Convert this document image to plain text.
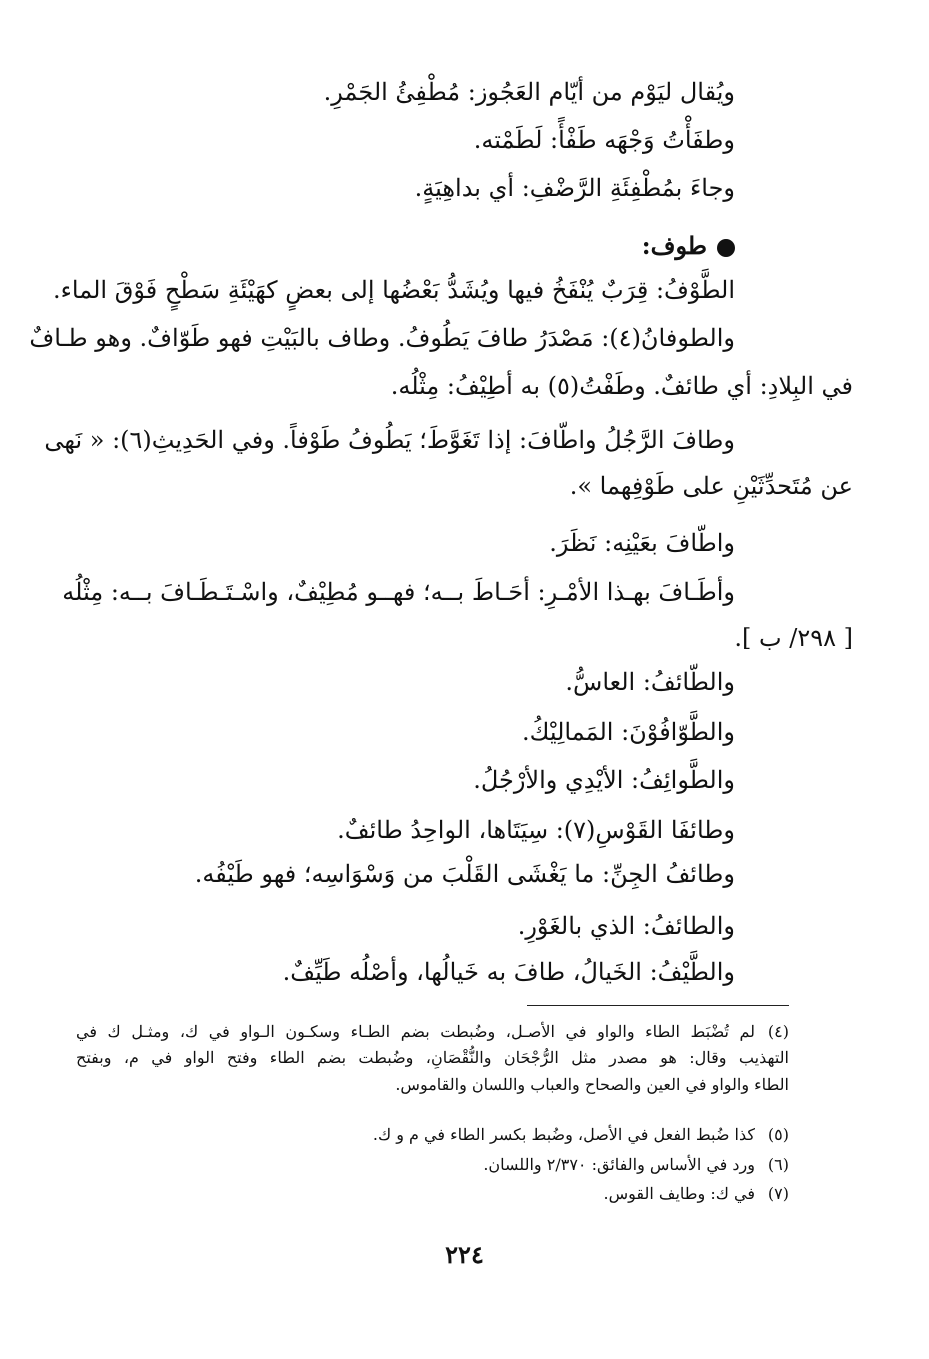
ويُقال ليَوْم من أيّام العَجُوز: مُطْفِئُ الجَمْرِ.
وطفَأْتُ وَجْهَه طَفْأً: لَطَمْته.
وجاءَ بمُطْفِئَةِ الرَّضْفِ: أي بداهِيَةٍ.
طوف:
الطَّوْفُ: قِرَبٌ يُنْفَخُ فيها ويُشَدُّ بَعْضُها إلى بعضٍ كهَيْئَةِ سَطْحٍ فَوْقَ الماء.
والطوفانُ(٤): مَصْدَرُ طافَ يَطُوفُ. وطاف بالبَيْتِ فهو طَوّافٌ. وهو طـافٌ
في البِلادِ: أي طائفٌ. وطَفْتُ(٥) به أطِيْفُ: مِثْلُه.
وطافَ الرَّجُلُ واطّافَ: إذا تَغَوَّطَ؛ يَطُوفُ طَوْفاً. وفي الحَدِيثِ(٦): « نَهى
عن مُتَحدِّثَيْنِ على طَوْفِهما ».
واطّافَ بعَيْنِه: نَظَرَ.
وأطَـافَ بهـذا الأمْـرِ: أحَـاطَ بــه؛ فهــو مُطِيْفٌ، واسْـتَـطَـافَ بــه: مِثْلُه
[ ٢٩٨/ ب ].
والطّائفُ: العاسُّ.
والطَّوّافُوْنَ: المَمالِيْكُ.
والطَّوائِفُ: الأيْدِي والأرْجُلُ.
وطائفَا القَوْسِ(٧): سِيَتَاها، الواحِدُ طائفٌ.
وطائفُ الجِنِّ: ما يَغْشَى القَلْبَ من وَسْوَاسِه؛ فهو طَيْفُه.
والطائفُ: الذي بالغَوْرِ.
والطَّيْفُ: الخَيالُ، طافَ به خَيالُها، وأصْلُه طَيِّفٌ.
(٤)لم تُضْبَط الطاء والواو في الأصـل، وضُبطت بضم الطـاء وسكـون الـواو في ك، ومثـل ك في
التهذيب وقال: هو مصدر مثل الرُّجْحَان والنُّقْصَانِ، وضُبطت بضم الطاء وفتح الواو في م، وبفتح
الطاء والواو في العين والصحاح والعباب واللسان والقاموس.
(٥)كذا ضُبط الفعل في الأصل، وضُبط بكسر الطاء في م و ك.
(٦)ورد في الأساس والفائق: ٢/٣٧٠ واللسان.
(٧)في ك: وطايف القوس.
٢٢٤
